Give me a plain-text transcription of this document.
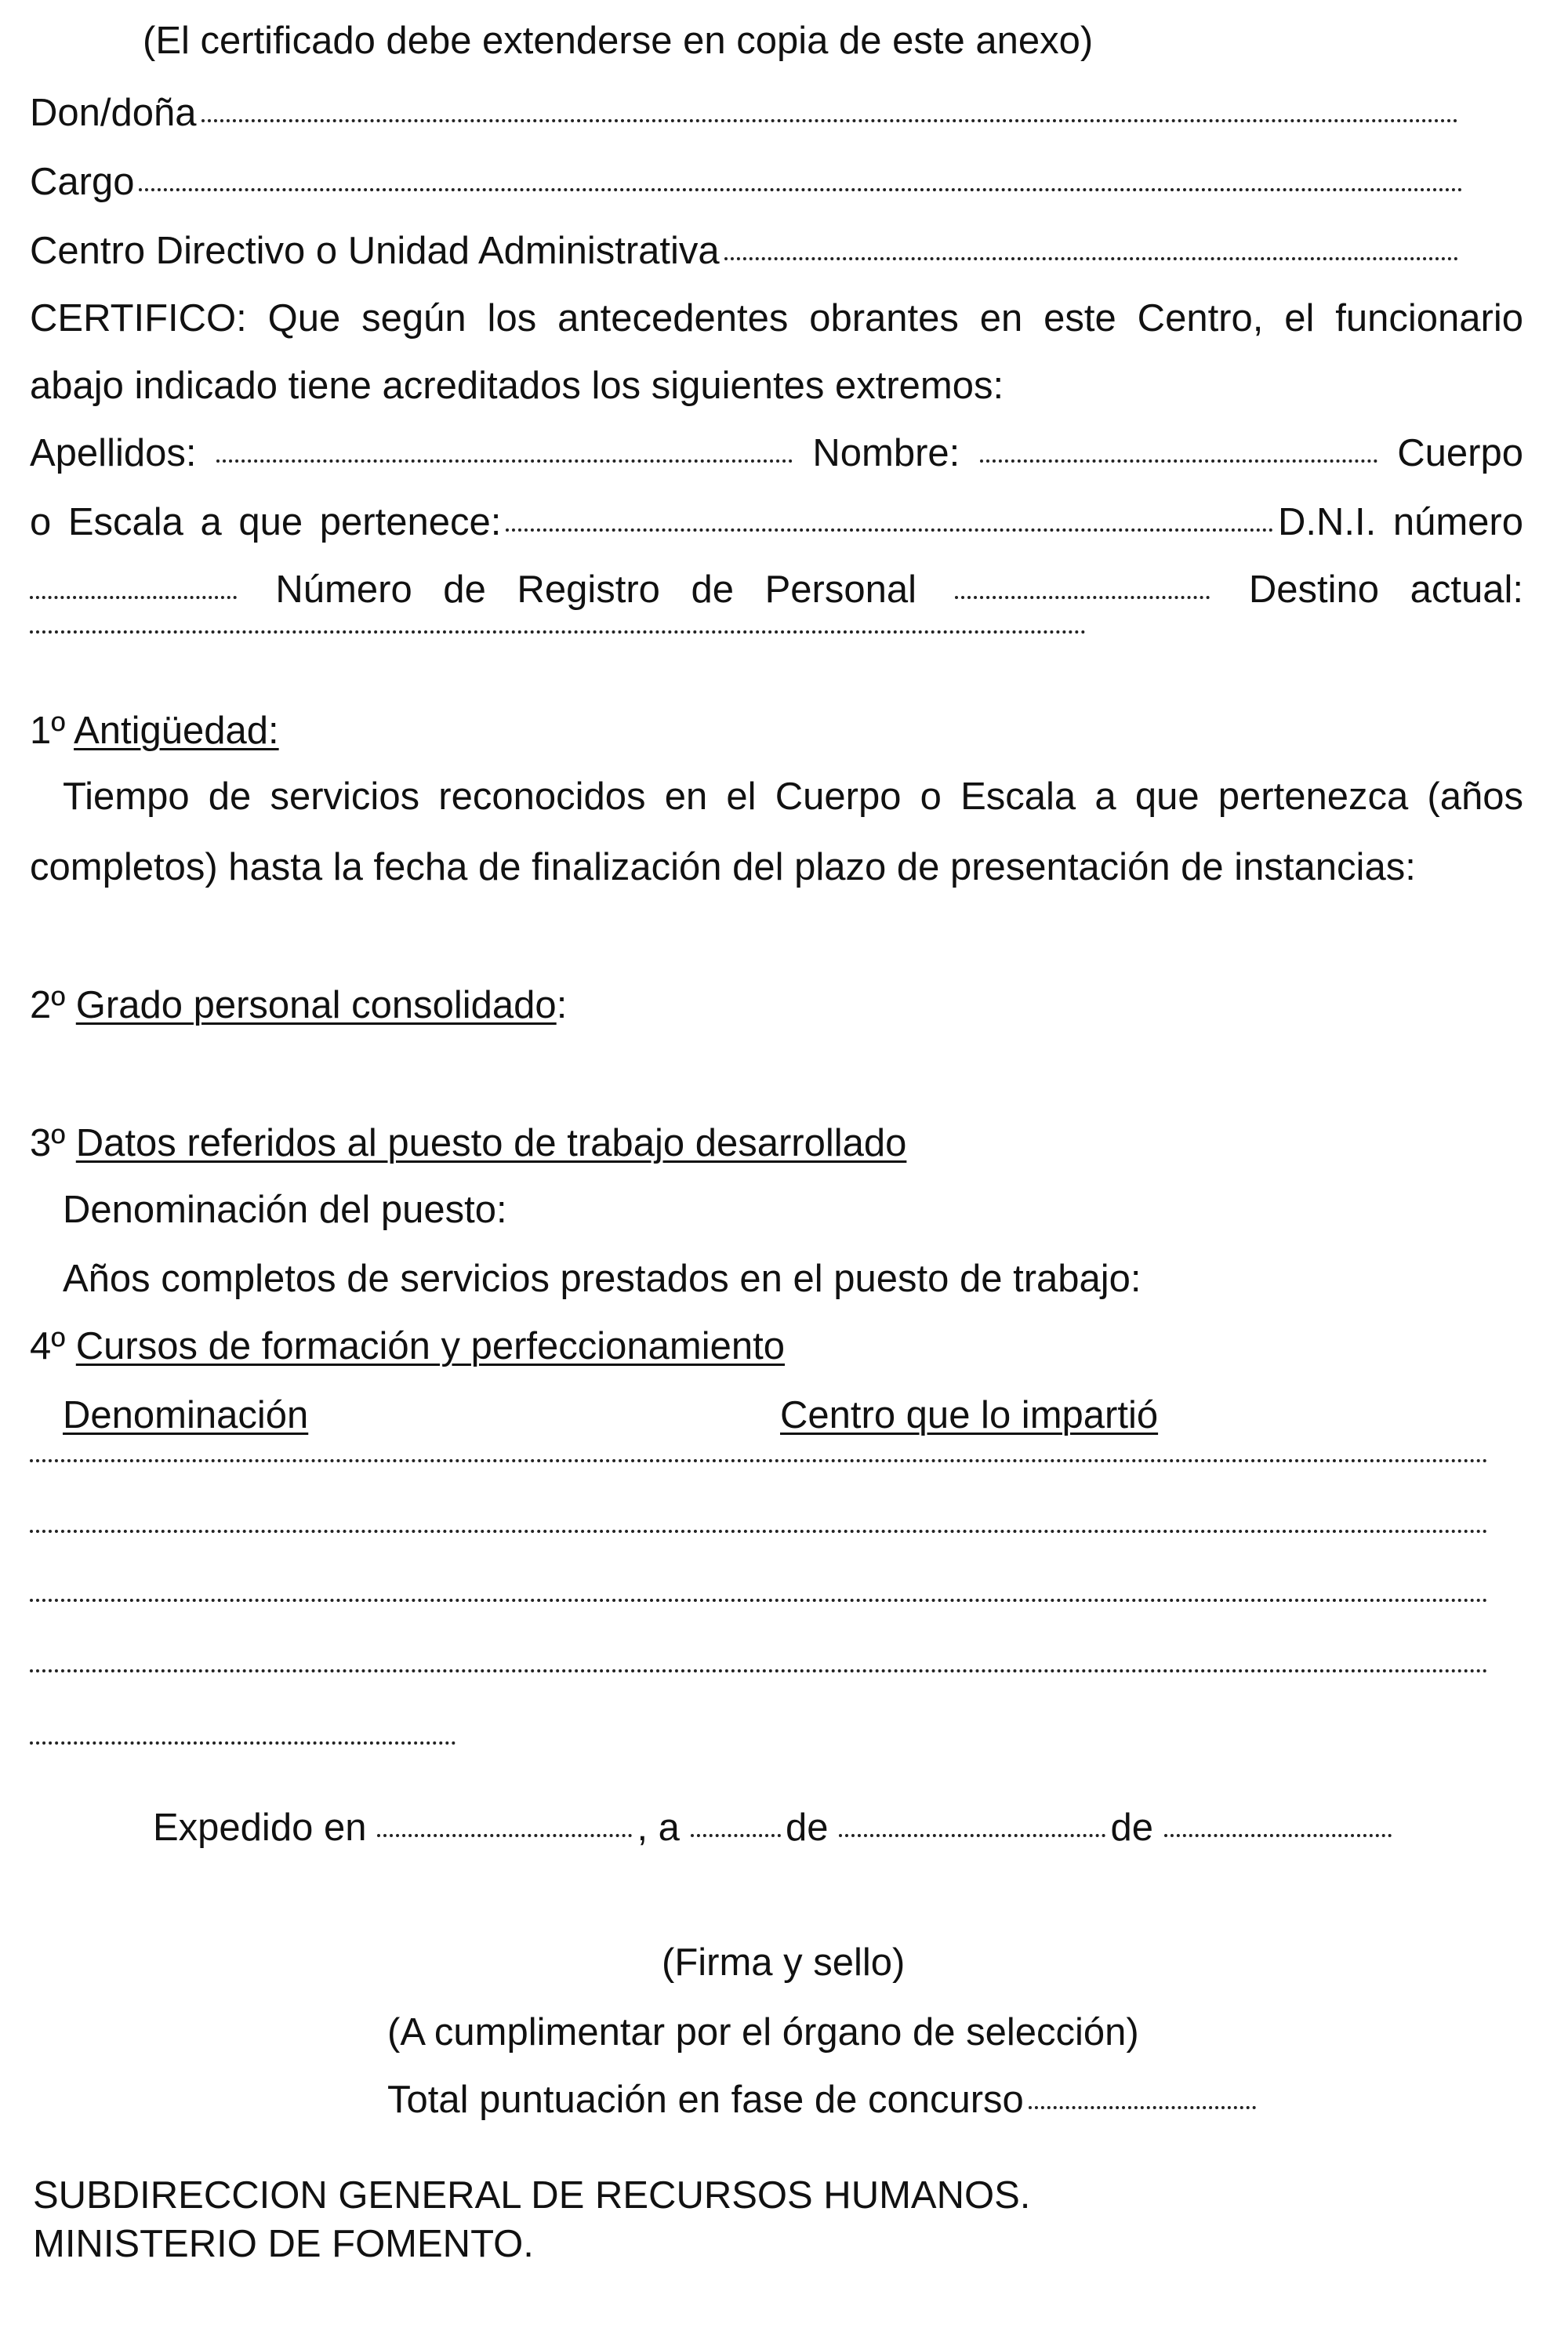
(El certificado debe extenderse en copia de este anexo)
Don/doña
Cargo
Centro Directivo o Unidad Administrativa
CERTIFICO: Que según los antecedentes obrantes en este Centro, el funcionario
abajo indicado tiene acreditados los siguientes extremos:
Apellidos:	Nombre:	Cuerpo
o Escala a que pertenece:	D.N.I. número
Número de Registro de Personal	Destino actual:
1º Antigüedad:
Tiempo de servicios reconocidos en el Cuerpo o Escala a que pertenezca (años
completos) hasta la fecha de finalización del plazo de presentación de instancias:
2º Grado personal consolidado:
3º Datos referidos al puesto de trabajo desarrollado
Denominación del puesto:
Años completos de servicios prestados en el puesto de trabajo:
4º Cursos de formación y perfeccionamiento
Denominación	Centro que lo impartió
Expedido en	, a	de	de
(Firma y sello)
(A cumplimentar por el órgano de selección)
Total puntuación en fase de concurso
SUBDIRECCION GENERAL DE RECURSOS HUMANOS.
MINISTERIO DE FOMENTO.
